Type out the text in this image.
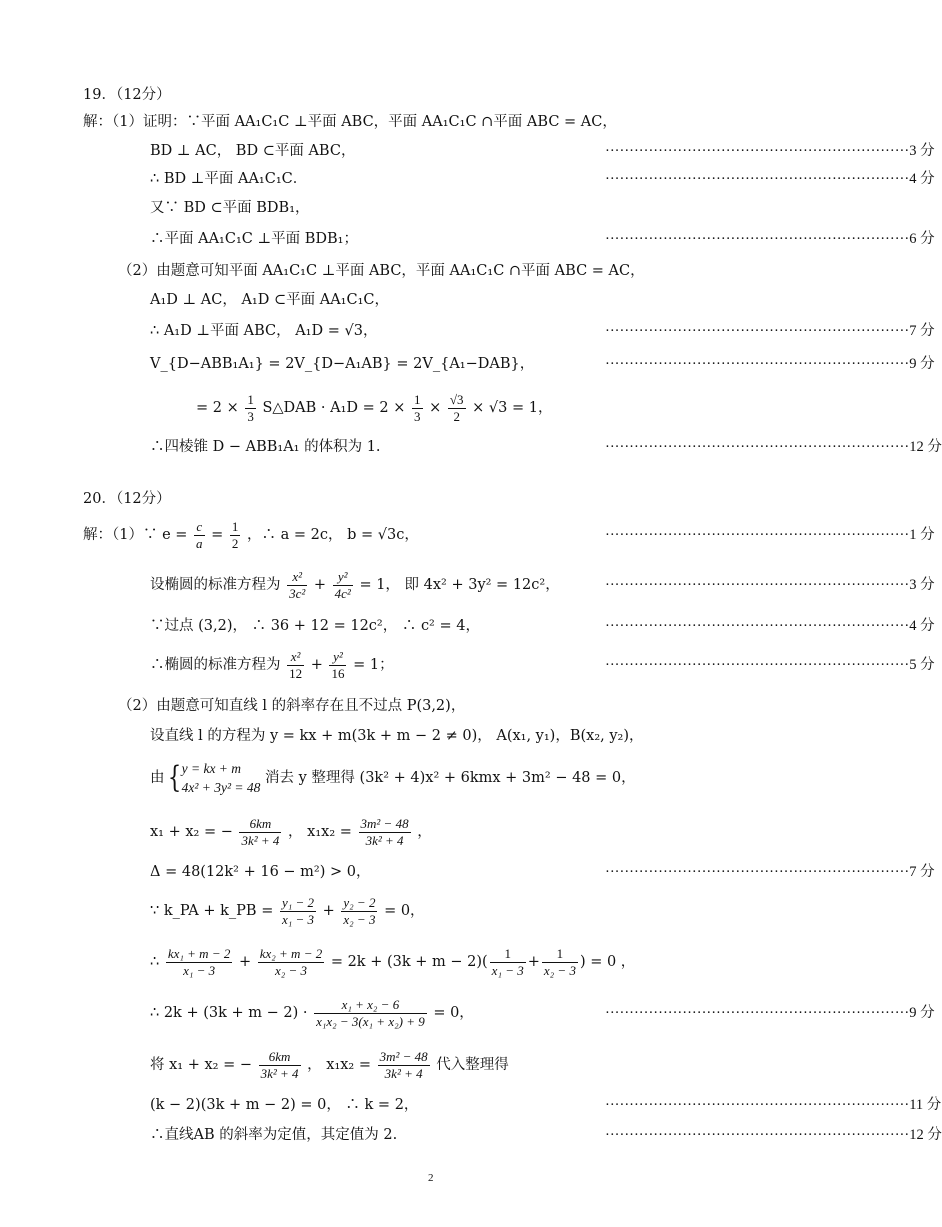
19．（12分）
解：（1）证明：∵平面 AA₁C₁C ⊥平面 ABC，平面 AA₁C₁C ∩平面 ABC = AC，
BD ⊥ AC， BD ⊂平面 ABC，	·······························································3 分
∴ BD ⊥平面 AA₁C₁C．	·······························································4 分
又∵ BD ⊂平面 BDB₁，
∴平面 AA₁C₁C ⊥平面 BDB₁；	·······························································6 分
（2）由题意可知平面 AA₁C₁C ⊥平面 ABC，平面 AA₁C₁C ∩平面 ABC = AC，
A₁D ⊥ AC， A₁D ⊂平面 AA₁C₁C，
∴ A₁D ⊥平面 ABC， A₁D = √3，	·······························································7 分
V_{D−ABB₁A₁} = 2V_{D−A₁AB} = 2V_{A₁−DAB}，	·······························································9 分
= $2 \times \frac{1}{3}$ S△DAB · $A_1D = 2 \times \frac{1}{3} \times \frac{√3}{2} \times √3 = 1$，
∴四棱锥 D − ABB₁A₁ 的体积为 1.	·······························································12 分
20．（12分）
解：（1）∵ $e = \frac{c}{a} = \frac{1}{2}$ ，∴ a = 2c， b = √3c，	·······························································1 分
设椭圆的标准方程为 $\frac{\text{x²}}{\text{3c²}} + \frac{\text{y²}}{\text{4c²}} = 1$， 即 4x² + 3y² = 12c²，	·······························································3 分
∵过点 (3,2)， ∴ 36 + 12 = 12c²， ∴ c² = 4，	·······························································4 分
∴椭圆的标准方程为 $\frac{\text{x²}}{12} + \frac{\text{y²}}{16} = 1$；	·······························································5 分
（2）由题意可知直线 l 的斜率存在且不过点 P(3,2)，
设直线 l 的方程为 y = kx + m(3k + m − 2 ≠ 0)， A(x₁, y₁)，B(x₂, y₂)，
由{ y = kx + m
4x² + 3y² = 48
消去 y 整理得 (3k² + 4)x² + 6kmx + 3m² − 48 = 0，
x₁ + x₂ = − $\frac{6km}{\text{3k² + 4}}$ ， $x_1x_2 = \frac{\text{3m² − 48}}{\text{3k² + 4}}$ ，
Δ = 48(12k² + 16 − m²) > 0，	·······························································7 分
∵ k_PA + k_PB = $\frac{\text{y₁ − 2}}{\text{x₁ − 3}} + \frac{\text{y₂ − 2}}{\text{x₂ − 3}} = 0$，
∴ $\frac{\text{kx₁ + m − 2}}{\text{x₁ − 3}} + \frac{\text{kx₂ + m − 2}}{\text{x₂ − 3}} = 2k + (3k + m - 2)( \frac{1}{\text{x₁ − 3}} + \frac{1}{\text{x₂ − 3}}$ ) = 0 ，
∴ $2k + (3k + m - 2) \cdot \frac{\text{x₁ + x₂ − 6}}{\text{x₁x₂ − 3(x₁ + x₂) + 9}} = 0$，	·······························································9 分
将 x₁ + x₂ = − $\frac{6km}{\text{3k² + 4}}$ ， $x_1x_2 = \frac{\text{3m² − 48}}{\text{3k² + 4}}$ 代入整理得
(k − 2)(3k + m − 2) = 0， ∴ k = 2，	·······························································11 分
∴直线AB 的斜率为定值，其定值为 2.	·······························································12 分
2
